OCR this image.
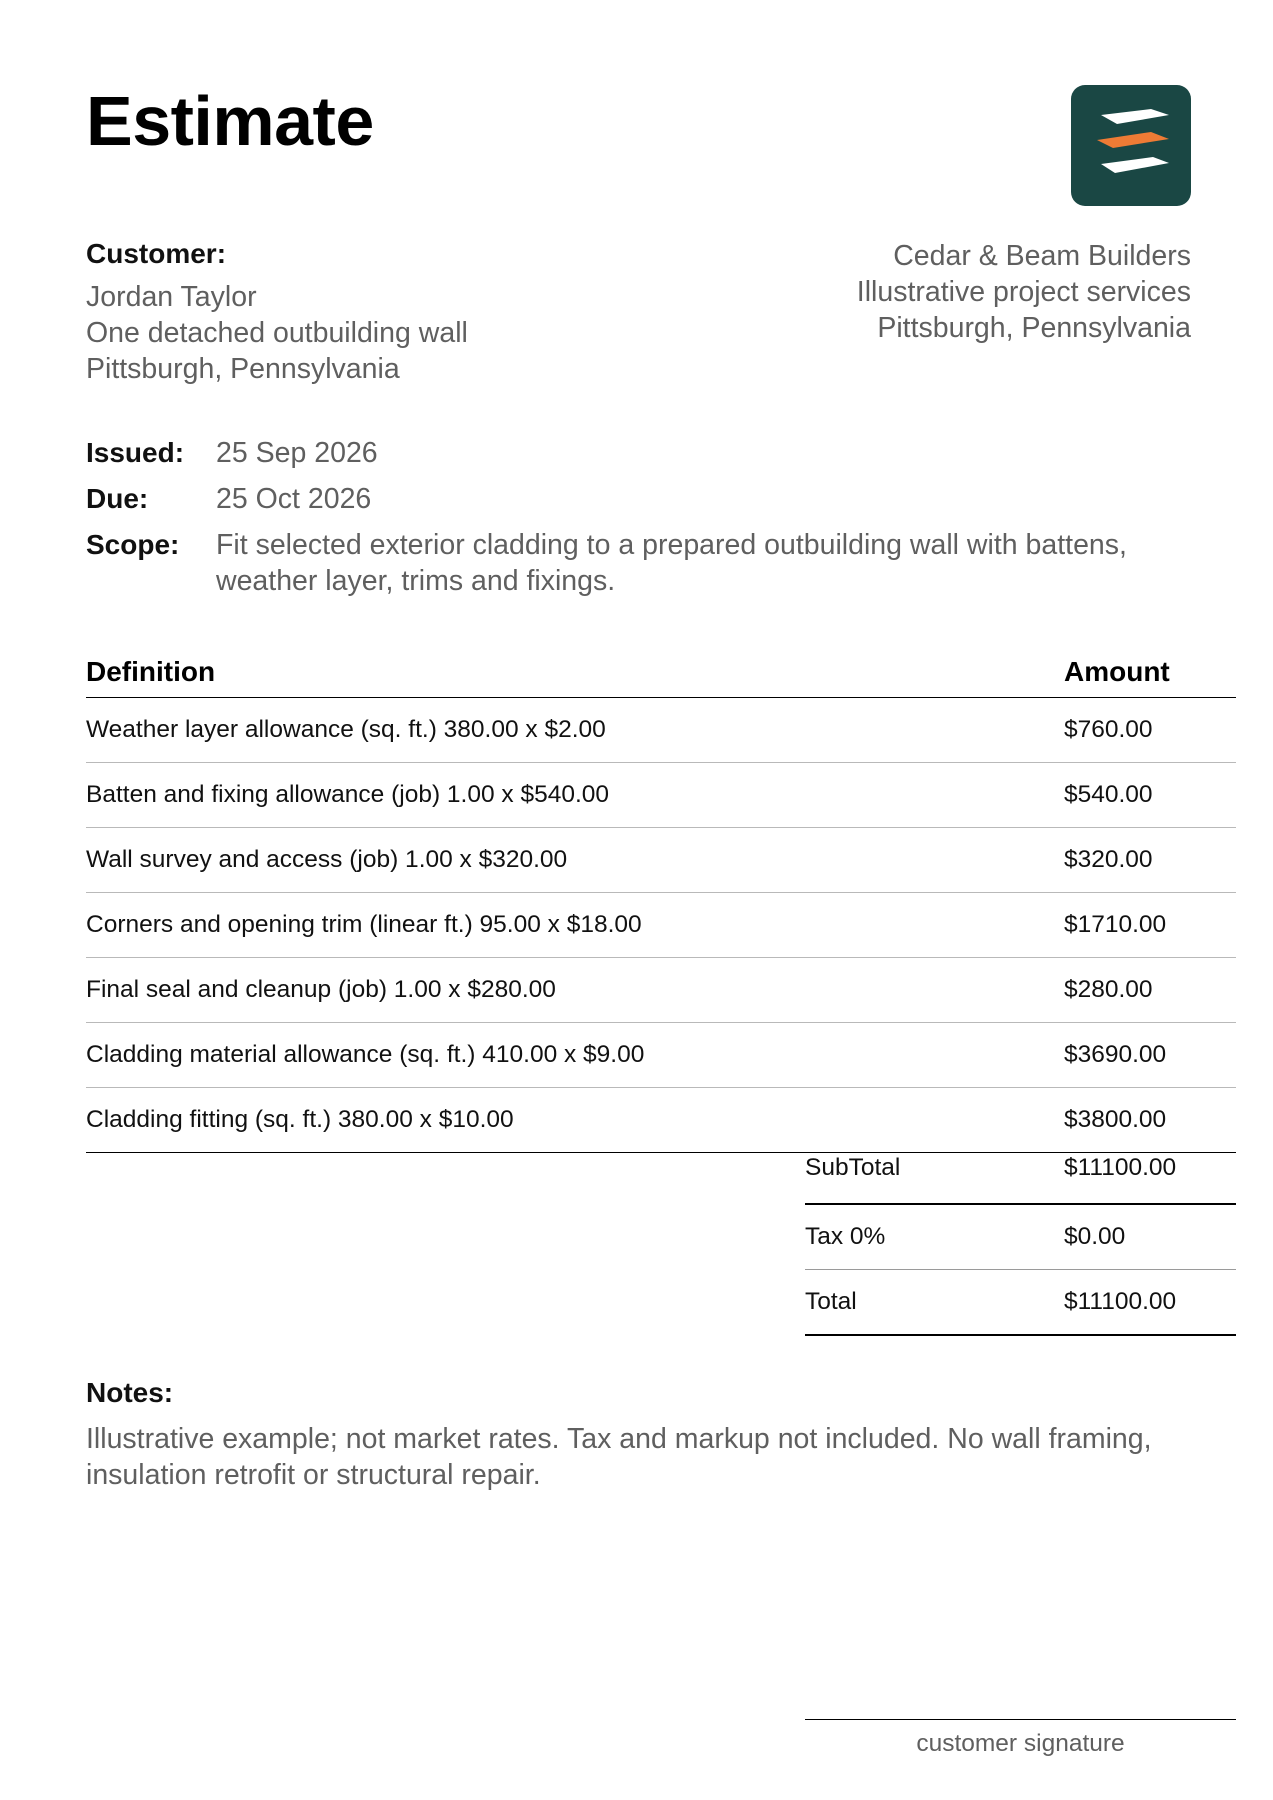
Estimate
Customer:
Jordan Taylor
One detached outbuilding wall
Pittsburgh, Pennsylvania
Cedar & Beam Builders
Illustrative project services
Pittsburgh, Pennsylvania
Issued:	25 Sep 2026
Due:	25 Oct 2026
Scope:	Fit selected exterior cladding to a prepared outbuilding wall with battens, weather layer, trims and fixings.
Definition	Amount
Weather layer allowance (sq. ft.) 380.00 x $2.00	$760.00
Batten and fixing allowance (job) 1.00 x $540.00	$540.00
Wall survey and access (job) 1.00 x $320.00	$320.00
Corners and opening trim (linear ft.) 95.00 x $18.00	$1710.00
Final seal and cleanup (job) 1.00 x $280.00	$280.00
Cladding material allowance (sq. ft.) 410.00 x $9.00	$3690.00
Cladding fitting (sq. ft.) 380.00 x $10.00	$3800.00
SubTotal	$11100.00
Tax 0%	$0.00
Total	$11100.00
Notes:
Illustrative example; not market rates. Tax and markup not included. No wall framing, insulation retrofit or structural repair.
customer signature
